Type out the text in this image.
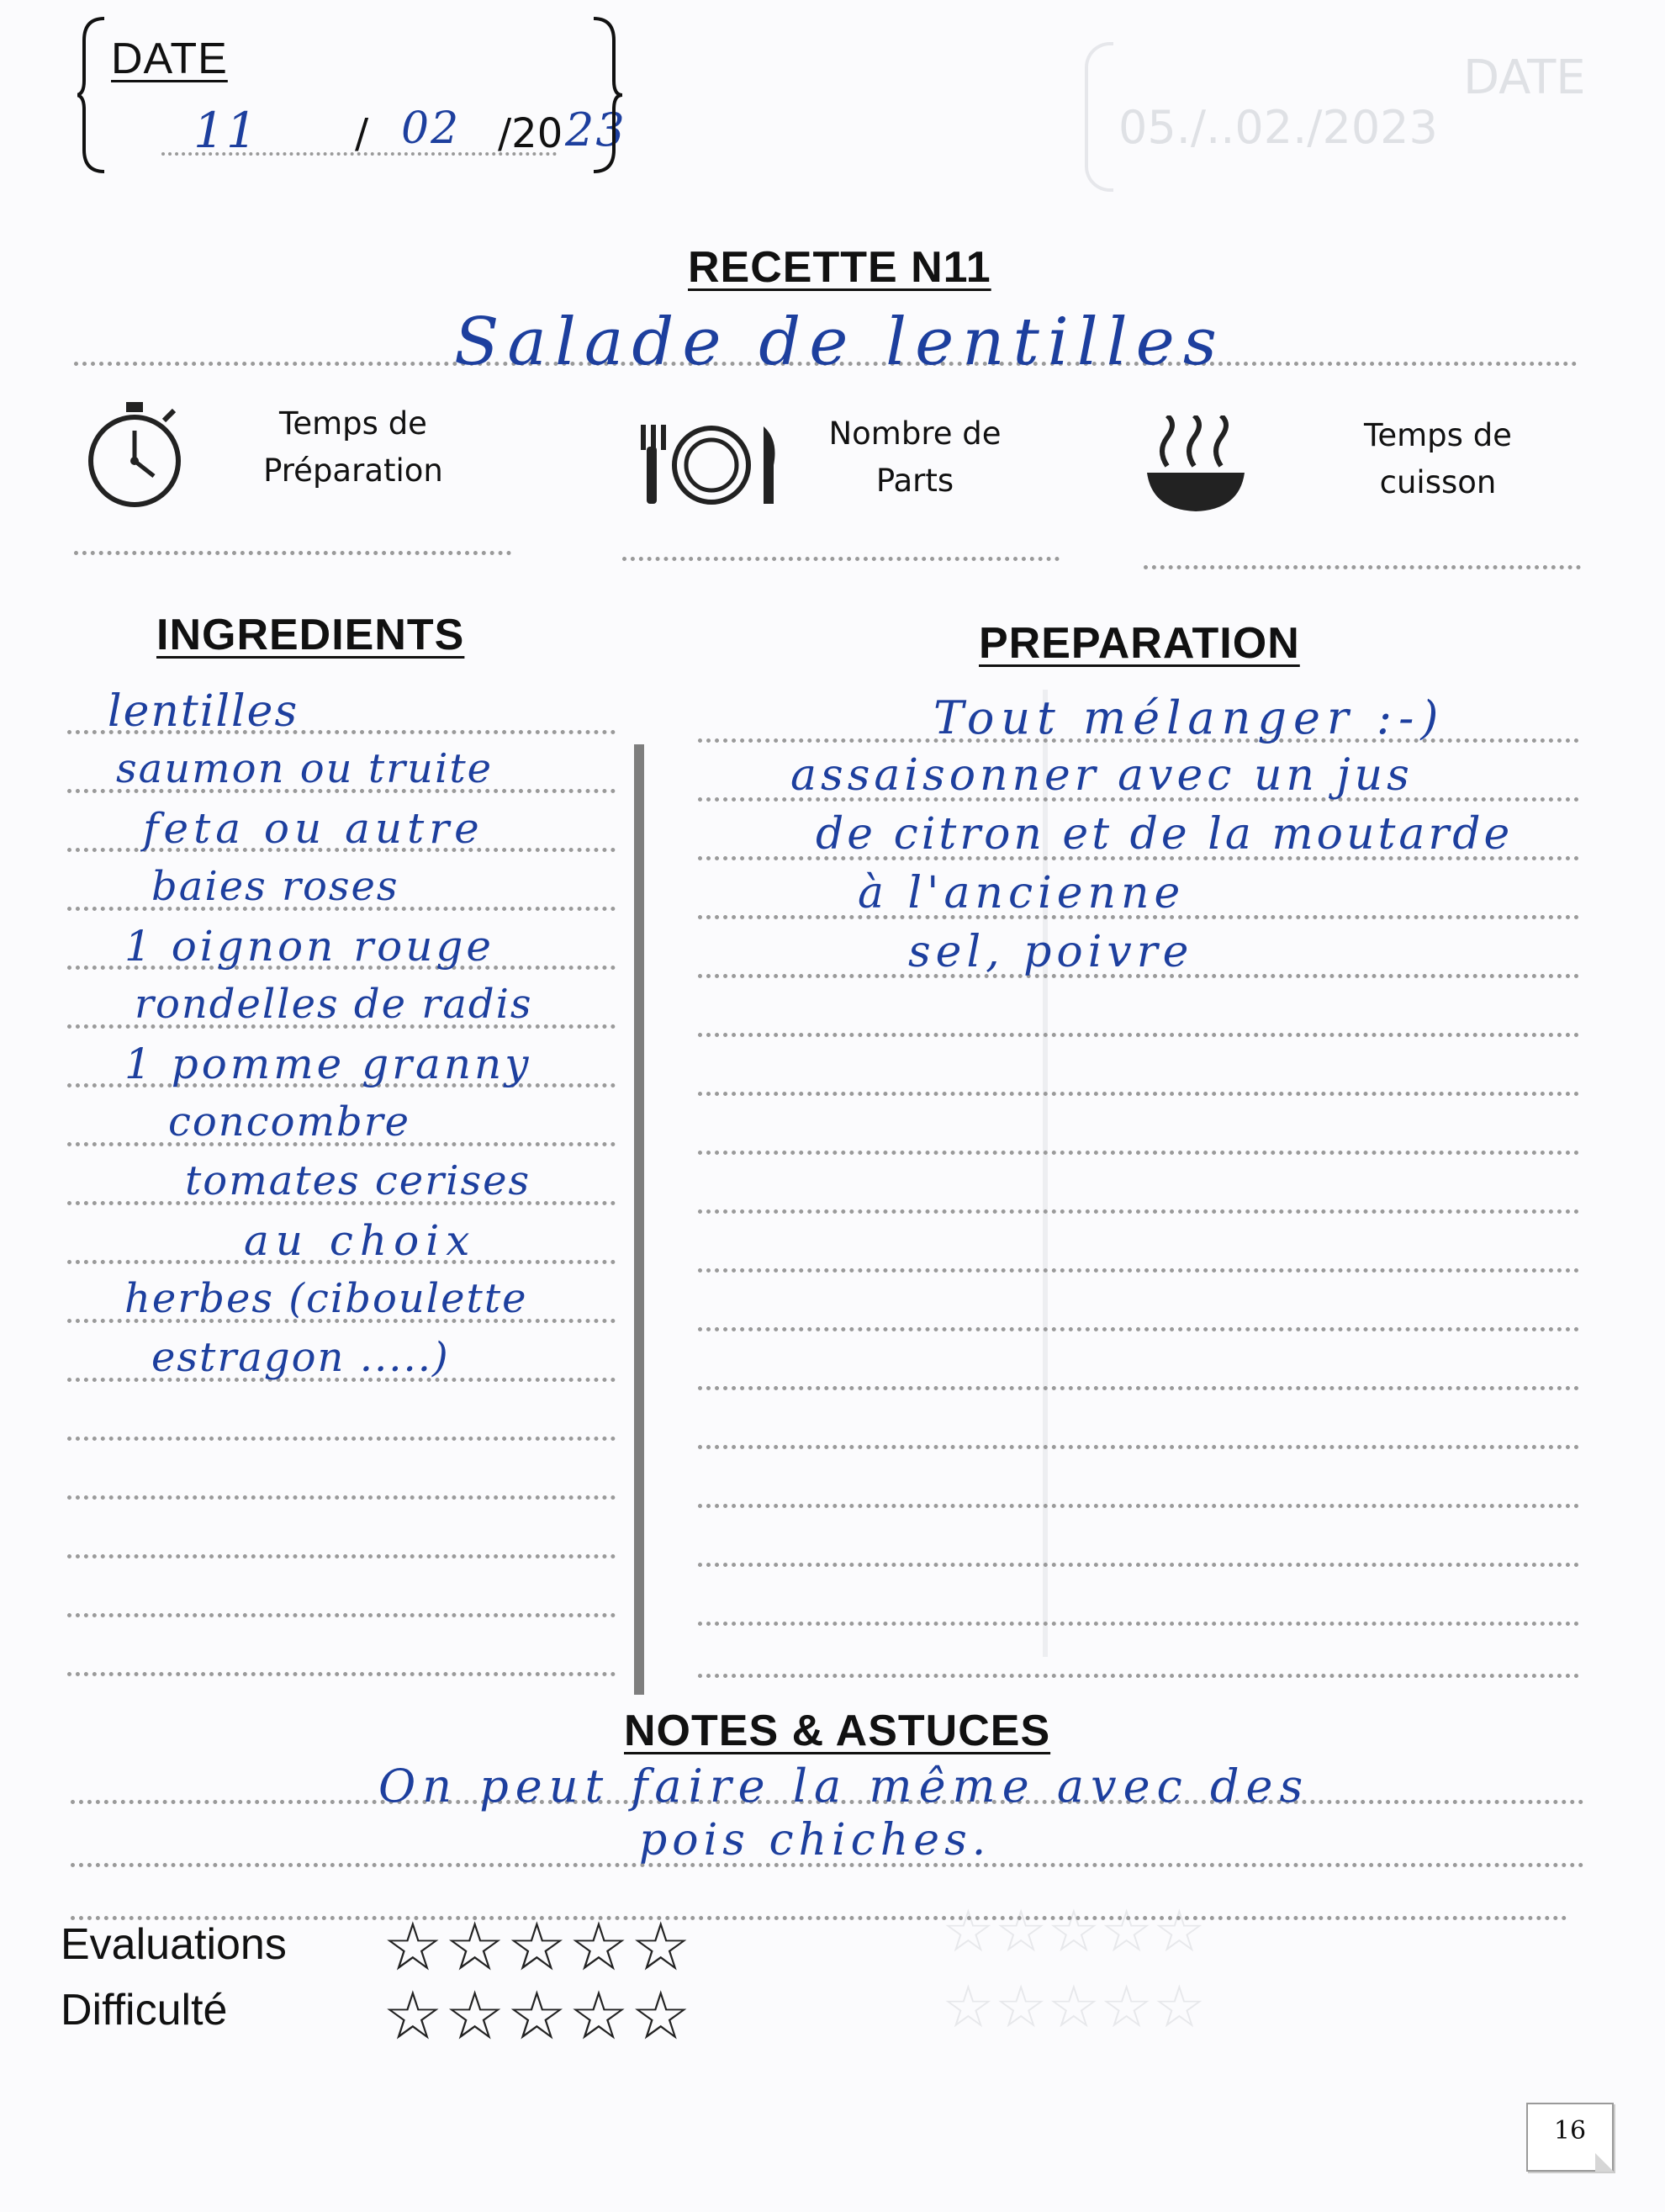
DATE
05./..02./2023
☆☆☆☆☆
☆☆☆☆☆
DATE
11 / 02 /20 23
RECETTE N11
Salade de lentilles
Temps de
Préparation
Nombre de
Parts
Temps de
cuisson
INGREDIENTS	PREPARATION
lentilles
saumon ou truite
feta ou autre
baies roses
1 oignon rouge
rondelles de radis
1 pomme granny
concombre
tomates cerises
au choix
herbes (ciboulette
estragon .....)
Tout mélanger :-)
assaisonner avec un jus
de citron et de la moutarde
à l'ancienne
sel, poivre
NOTES & ASTUCES
On peut faire la même avec des
pois chiches.
Evaluations ☆☆☆☆☆
Difficulté ☆☆☆☆☆
16
